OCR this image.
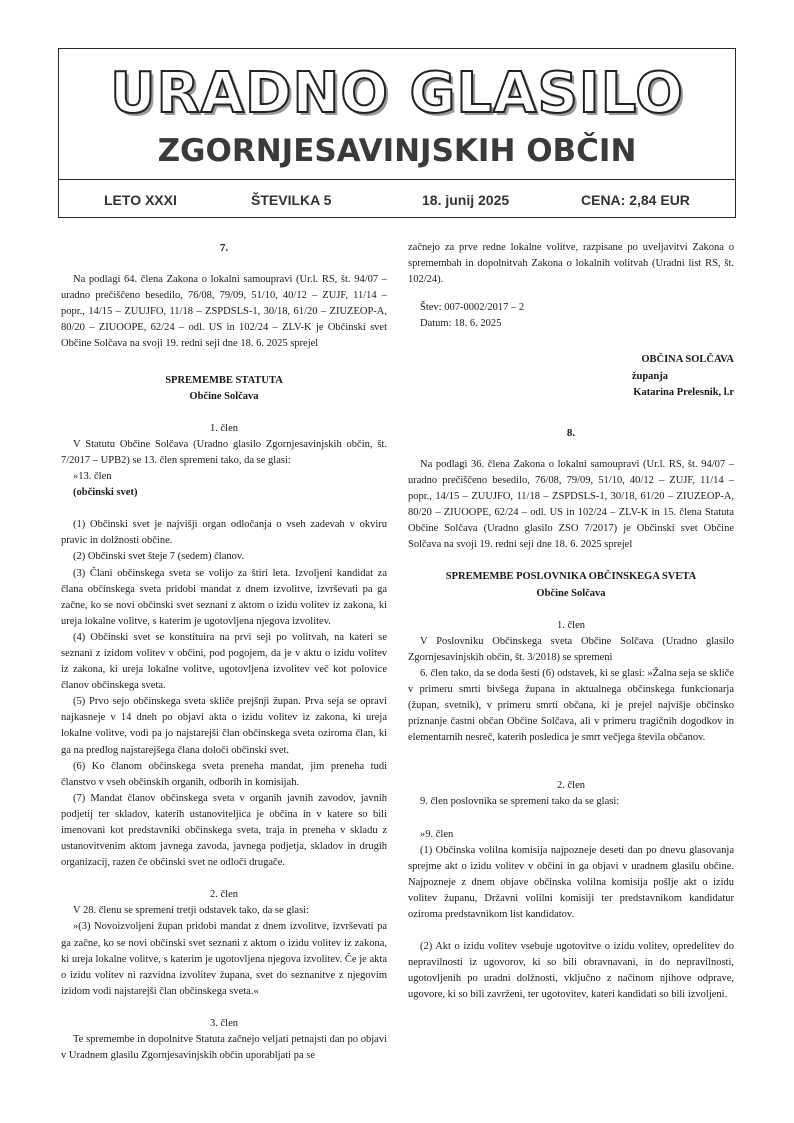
URADNO GLASILO
ZGORNJESAVINJSKIH OBČIN
LETO XXXI	ŠTEVILKA 5	18. junij 2025	CENA: 2,84 EUR

7.

Na podlagi 64. člena Zakona o lokalni samoupravi (Ur.l. RS, št. 94/07 – uradno prečiščeno besedilo, 76/08, 79/09, 51/10, 40/12 – ZUJF, 11/14 – popr., 14/15 – ZUUJFO, 11/18 – ZSPDSLS-1, 30/18, 61/20 – ZIUZEOP-A, 80/20 – ZIUOOPE, 62/24 – odl. US in 102/24 – ZLV-K je Občinski svet Občine Solčava na svoji 19. redni seji dne 18. 6. 2025 sprejel

SPREMEMBE STATUTA

Občine Solčava

1. člen

V Statutu Občine Solčava (Uradno glasilo Zgornjesavinjskih občin, št. 7/2017 – UPB2) se 13. člen spremeni tako, da se glasi:

»13. člen

(občinski svet)

(1) Občinski svet je najvišji organ odločanja o vseh zadevah v okviru pravic in dolžnosti občine.

(2) Občinski svet šteje 7 (sedem) članov.

(3) Člani občinskega sveta se volijo za štiri leta. Izvoljeni kandidat za člana občinskega sveta pridobi mandat z dnem izvolitve, izvrševati pa ga začne, ko se novi občinski svet seznani z aktom o izidu volitev iz zakona, ki ureja lokalne volitve, s katerim je ugotovljena njegova izvolitev.

(4) Občinski svet se konstituira na prvi seji po volitvah, na kateri se seznani z izidom volitev v občini, pod pogojem, da je v aktu o izidu volitev iz zakona, ki ureja lokalne volitve, ugotovljena izvolitev več kot polovice članov občinskega sveta.

(5) Prvo sejo občinskega sveta skliče prejšnji župan. Prva seja se opravi najkasneje v 14 dneh po objavi akta o izidu volitev iz zakona, ki ureja lokalne volitve, vodi pa jo najstarejši član občinskega sveta oziroma član, ki ga na predlog najstarejšega člana določi občinski svet.

(6) Ko članom občinskega sveta preneha mandat, jim preneha tudi članstvo v vseh občinskih organih, odborih in komisijah.

(7) Mandat članov občinskega sveta v organih javnih zavodov, javnih podjetij ter skladov, katerih ustanoviteljica je občina in v katere so bili imenovani kot predstavniki občinskega sveta, traja in preneha v skladu z ustanovitvenim aktom javnega zavoda, javnega podjetja, skladov in drugih organizacij, razen če občinski svet ne odloči drugače.

2. člen

V 28. členu se spremeni tretji odstavek tako, da se glasi:

»(3) Novoizvoljeni župan pridobi mandat z dnem izvolitve, izvrševati pa ga začne, ko se novi občinski svet seznani z aktom o izidu volitev iz zakona, ki ureja lokalne volitve, s katerim je ugotovljena njegova izvolitev. Če je akta o izidu volitev ni razvidna izvolitev župana, svet do seznanitve z njegovim izidom vodi najstarejši član občinskega sveta.«

3. člen

Te spremembe in dopolnitve Statuta začnejo veljati petnajsti dan po objavi v Uradnem glasilu Zgornjesavinjskih občin uporabljati pa se

začnejo za prve redne lokalne volitve, razpisane po uveljavitvi Zakona o spremembah in dopolnitvah Zakona o lokalnih volitvah (Uradni list RS, št. 102/24).

Štev: 007-0002/2017 – 2

Datum: 18. 6. 2025

OBČINA SOLČAVA

županja

Katarina Prelesnik, l.r

8.

Na podlagi 36. člena Zakona o lokalni samoupravi (Ur.l. RS, št. 94/07 – uradno prečiščeno besedilo, 76/08, 79/09, 51/10, 40/12 – ZUJF, 11/14 – popr., 14/15 – ZUUJFO, 11/18 – ZSPDSLS-1, 30/18, 61/20 – ZIUZEOP-A, 80/20 – ZIUOOPE, 62/24 – odl. US in 102/24 – ZLV-K in 15. člena Statuta Občine Solčava (Uradno glasilo ZSO 7/2017) je Občinski svet Občine Solčava na svoji 19. redni seji dne 18. 6. 2025 sprejel

SPREMEMBE POSLOVNIKA OBČINSKEGA SVETA

Občine Solčava

1. člen

V Poslovniku Občinskega sveta Občine Solčava (Uradno glasilo Zgornjesavinjskih občin, št. 3/2018) se spremeni

6. člen tako, da se doda šesti (6) odstavek, ki se glasi: »Žalna seja se skliče v primeru smrti bivšega župana in aktualnega občinskega funkcionarja (župan, svetnik), v primeru smrti občana, ki je prejel najvišje občinsko priznanje častni občan Občine Solčava, ali v primeru tragičnih dogodkov in elementarnih nesreč, katerih posledica je smrt večjega števila občanov.

2. člen

9. člen poslovnika se spremeni tako da se glasi:

»9. člen

(1) Občinska volilna komisija najpozneje deseti dan po dnevu glasovanja sprejme akt o izidu volitev v občini in ga objavi v uradnem glasilu občine. Najpozneje z dnem objave občinska volilna komisija pošlje akt o izidu volitev županu, Državni volilni komisiji ter predstavnikom kandidatur oziroma predstavnikom list kandidatov.

(2) Akt o izidu volitev vsebuje ugotovitve o izidu volitev, opredelitev do nepravilnosti iz ugovorov, ki so bili obravnavani, in do nepravilnosti, ugotovljenih po uradni dolžnosti, vključno z načinom njihove odprave, ugovore, ki so bili zavrženi, ter ugotovitev, kateri kandidati so bili izvoljeni.
